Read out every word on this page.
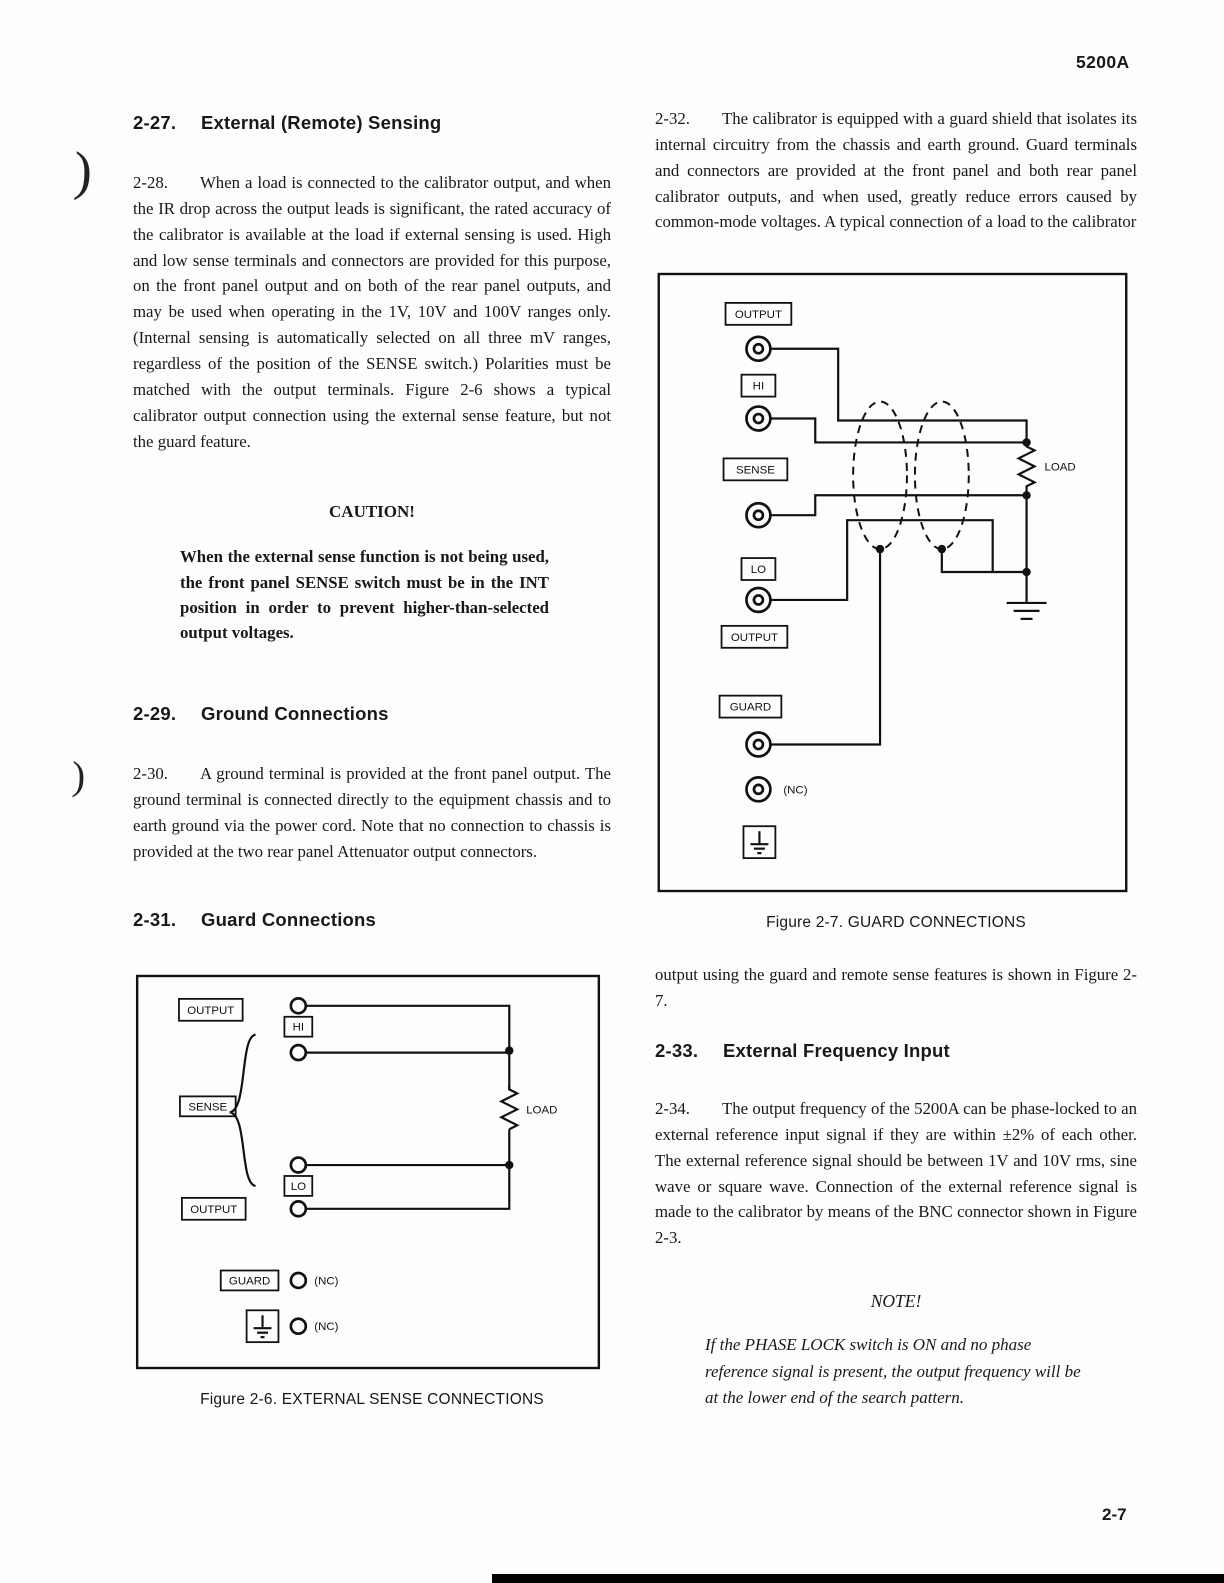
5200A
)
)
2-27.	External (Remote) Sensing

2-28. When a load is connected to the calibrator output, and when the IR drop across the output leads is significant, the rated accuracy of the calibrator is available at the load if external sensing is used. High and low sense terminals and connectors are provided for this purpose, on the front panel output and on both of the rear panel outputs, and may be used when operating in the 1V, 10V and 100V ranges only. (Internal sensing is automatically selected on all three mV ranges, regardless of the position of the SENSE switch.) Polarities must be matched with the output terminals. Figure 2-6 shows a typical calibrator output connection using the external sense feature, but not the guard feature.

CAUTION!

When the external sense function is not being used, the front panel SENSE switch must be in the INT position in order to prevent higher-than-selected output voltages.

2-29.	Ground Connections

2-30. A ground terminal is provided at the front panel output. The ground terminal is connected directly to the equipment chassis and to earth ground via the power cord. Note that no connection to chassis is provided at the two rear panel Attenuator output connectors.

2-31.	Guard Connections
OUTPUT
HI
SENSE
LO
OUTPUT
GUARD
LOAD
(NC)
(NC)
Figure 2-6. EXTERNAL SENSE CONNECTIONS

2-32. The calibrator is equipped with a guard shield that isolates its internal circuitry from the chassis and earth ground. Guard terminals and connectors are provided at the front panel and both rear panel calibrator outputs, and when used, greatly reduce errors caused by common-mode voltages. A typical connection of a load to the calibrator

OUTPUT
HI
SENSE
LO
OUTPUT
GUARD
LOAD
(NC)
Figure 2-7. GUARD CONNECTIONS

output using the guard and remote sense features is shown in Figure 2-7.

2-33.	External Frequency Input

2-34. The output frequency of the 5200A can be phase-locked to an external reference input signal if they are within ±2% of each other. The external reference signal should be between 1V and 10V rms, sine wave or square wave. Connection of the external reference signal is made to the calibrator by means of the BNC connector shown in Figure 2-3.

NOTE!

If the PHASE LOCK switch is ON and no phase reference signal is present, the output frequency will be at the lower end of the search pattern.

2-7
